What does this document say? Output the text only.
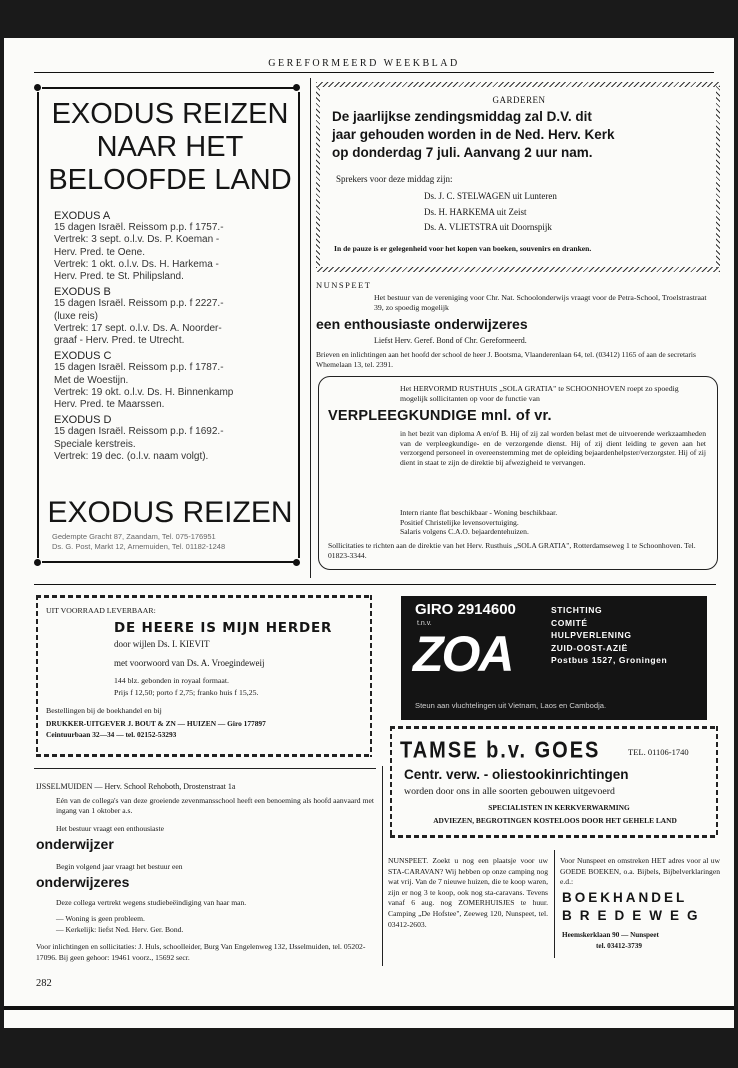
GEREFORMEERD WEEKBLAD
EXODUS REIZEN
NAAR HET
BELOOFDE LAND
EXODUS A
15 dagen Israël. Reissom p.p. f 1757.-
Vertrek: 3 sept. o.l.v. Ds. P. Koeman -
Herv. Pred. te Oene.
Vertrek: 1 okt. o.l.v. Ds. H. Harkema -
Herv. Pred. te St. Philipsland.
EXODUS B
15 dagen Israël. Reissom p.p. f 2227.-
(luxe reis)
Vertrek: 17 sept. o.l.v. Ds. A. Noorder-
graaf - Herv. Pred. te Utrecht.
EXODUS C
15 dagen Israël. Reissom p.p. f 1787.-
Met de Woestijn.
Vertrek: 19 okt. o.l.v. Ds. H. Binnenkamp
Herv. Pred. te Maarssen.
EXODUS D
15 dagen Israël. Reissom p.p. f 1692.-
Speciale kerstreis.
Vertrek: 19 dec. (o.l.v. naam volgt).
EXODUS REIZEN
Gedempte Gracht 87, Zaandam, Tel. 075-176951
Ds. G. Post, Markt 12, Arnemuiden, Tel. 01182-1248
GARDEREN
De jaarlijkse zendingsmiddag zal D.V. dit
jaar gehouden worden in de Ned. Herv. Kerk
op donderdag 7 juli. Aanvang 2 uur nam.
Sprekers voor deze middag zijn:
Ds. J. C. STELWAGEN uit Lunteren
Ds. H. HARKEMA uit Zeist
Ds. A. VLIETSTRA uit Doornspijk
In de pauze is er gelegenheid voor het kopen van boeken, souvenirs en dranken.
NUNSPEET
Het bestuur van de vereniging voor Chr. Nat. Schoolonderwijs vraagt voor de Petra-School, Troelstrastraat 39, zo spoedig mogelijk
een enthousiaste onderwijzeres
Liefst Herv. Geref. Bond of Chr. Gereformeerd.
Brieven en inlichtingen aan het hoofd der school de heer J. Bootsma, Vlaanderenlaan 64, tel. (03412) 1165 of aan de secretaris Whemelaan 13, tel. 2391.
Het HERVORMD RUSTHUIS „SOLA GRATIA" te SCHOONHOVEN roept zo spoedig mogelijk sollicitanten op voor de functie van
VERPLEEGKUNDIGE mnl. of vr.
in het bezit van diploma A en/of B. Hij of zij zal worden belast met de uitvoerende werkzaamheden van de verpleegkundige- en de verzorgende dienst. Hij of zij dient leiding te geven aan het verzorgend personeel in overeenstemming met de opleiding bejaardenhelpster/verzorgster. Hij of zij dient in staat te zijn de direktie bij afwezigheid te vervangen.
Intern riante flat beschikbaar - Woning beschikbaar.
Positief Christelijke levensovertuiging.
Salaris volgens C.A.O. bejaardentehuizen.
Sollicitaties te richten aan de direktie van het Herv. Rusthuis „SOLA GRATIA", Rotterdamseweg 1 te Schoonhoven. Tel. 01823-3344.
UIT VOORRAAD LEVERBAAR:
DE HEERE IS MIJN HERDER
door wijlen Ds. I. KIEVIT
met voorwoord van Ds. A. Vroegindeweij
144 blz. gebonden in royaal formaat.
Prijs f 12,50; porto f 2,75; franko huis f 15,25.
Bestellingen bij de boekhandel en bij
DRUKKER-UITGEVER J. BOUT & ZN — HUIZEN — Giro 177897
Ceintuurbaan 32—34 — tel. 02152-53293
GIRO 2914600
t.n.v.
ZOA
STICHTING
COMITÉ
HULPVERLENING
ZUID-OOST-AZIË
Postbus 1527, Groningen
Steun aan vluchtelingen uit Vietnam, Laos en Cambodja.
TAMSE b.v. GOES	TEL. 01106-1740
Centr. verw. - oliestookinrichtingen
worden door ons in alle soorten gebouwen uitgevoerd
SPECIALISTEN IN KERKVERWARMING
ADVIEZEN, BEGROTINGEN KOSTELOOS DOOR HET GEHELE LAND
IJSSELMUIDEN — Herv. School Rehoboth, Drostenstraat 1a
Eén van de collega's van deze groeiende zevenmansschool heeft een benoeming als hoofd aanvaard met ingang van 1 oktober a.s.
Het bestuur vraagt een enthousiaste
onderwijzer
Begin volgend jaar vraagt het bestuur een
onderwijzeres
Deze collega vertrekt wegens studiebeëindiging van haar man.
— Woning is geen probleem.
— Kerkelijk: liefst Ned. Herv. Ger. Bond.
Voor inlichtingen en sollicitaties: J. Huls, schoolleider, Burg Van Engelenweg 132, IJsselmuiden, tel. 05202-17096. Bij geen gehoor: 19461 voorz., 15692 secr.
NUNSPEET. Zoekt u nog een plaatsje voor uw STA-CARAVAN? Wij hebben op onze camping nog wat vrij. Van de 7 nieuwe huizen, die te koop waren, zijn er nog 3 te koop, ook nog sta-caravans. Tevens vanaf 6 aug. nog ZOMERHUISJES te huur. Camping „De Hofstee", Zeeweg 120, Nunspeet, tel. 03412-2603.
Voor Nunspeet en omstreken HET adres voor al uw GOEDE BOEKEN, o.a. Bijbels, Bijbelverklaringen e.d.:
BOEKHANDEL
BREDEWEG
Heemskerklaan 90 — Nunspeet
tel. 03412-3739
282
